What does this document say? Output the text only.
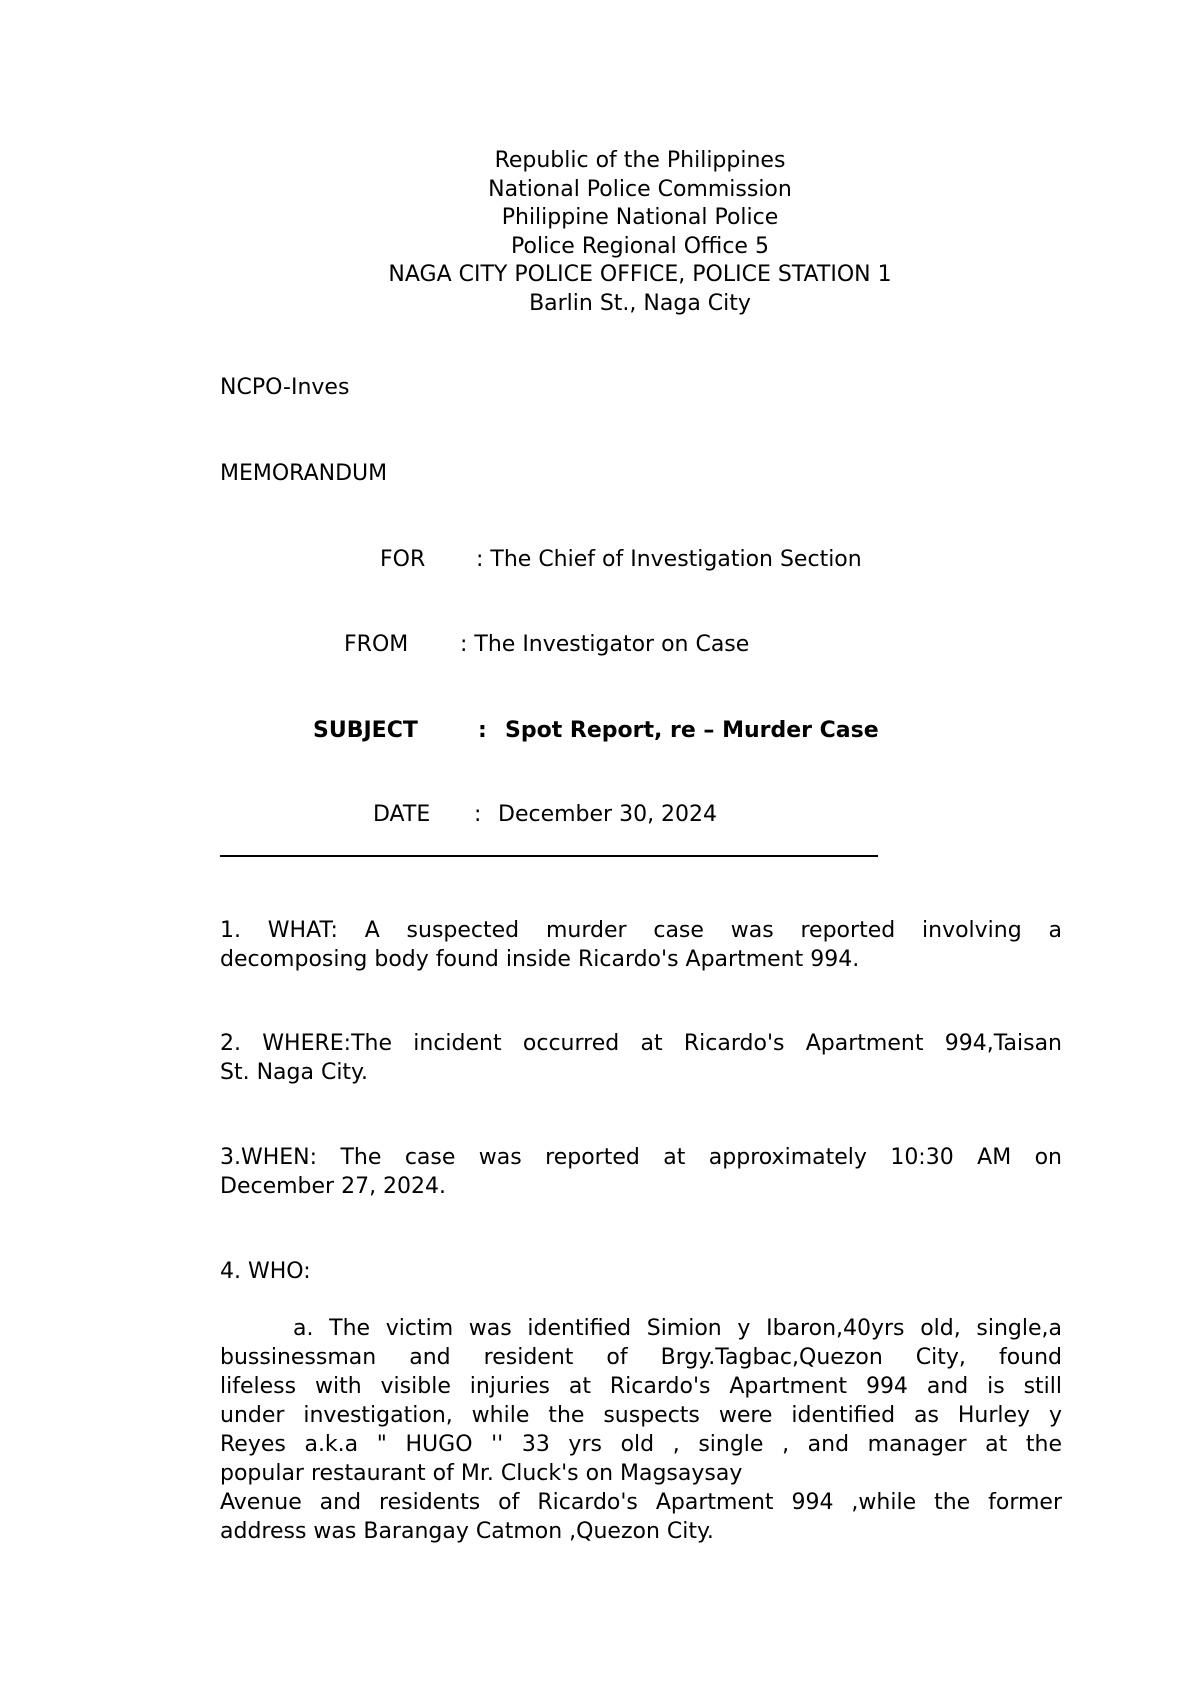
Republic of the Philippines
National Police Commission
Philippine National Police
Police Regional Office 5
NAGA CITY POLICE OFFICE, POLICE STATION 1
Barlin St., Naga City
NCPO-Inves
MEMORANDUM
FOR : The Chief of Investigation Section
FROM : The Investigator on Case
SUBJECT	: Spot Report, re – Murder Case
DATE : December 30, 2024
1. WHAT: A suspected murder case was reported involving a
decomposing body found inside Ricardo's Apartment 994.
2. WHERE:The incident occurred at Ricardo's Apartment 994,Taisan
St. Naga City.
3.WHEN: The case was reported at approximately 10:30 AM on
December 27, 2024.
4. WHO:
a. The victim was identified Simion y Ibaron,40yrs old, single,a
bussinessman and resident of Brgy.Tagbac,Quezon City, found
lifeless with visible injuries at Ricardo's Apartment 994 and is still
under investigation, while the suspects were identified as Hurley y
Reyes a.k.a " HUGO '' 33 yrs old , single , and manager at the
popular restaurant of Mr. Cluck's on Magsaysay
Avenue and residents of Ricardo's Apartment 994 ,while the former
address was Barangay Catmon ,Quezon City.
